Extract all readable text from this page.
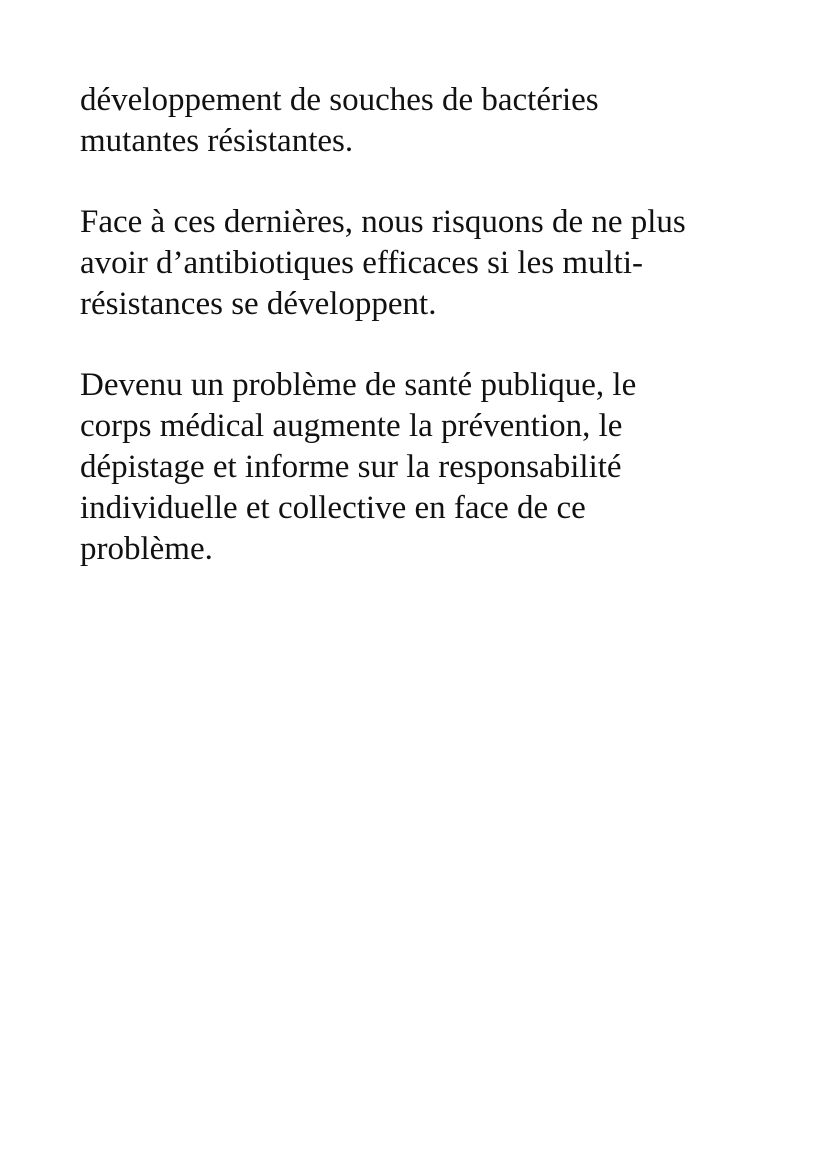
développement de souches de bactéries
mutantes résistantes.

Face à ces dernières, nous risquons de ne plus
avoir d’antibiotiques efficaces si les multi-
résistances se développent.

Devenu un problème de santé publique, le
corps médical augmente la prévention, le
dépistage et informe sur la responsabilité
individuelle et collective en face de ce
problème.
